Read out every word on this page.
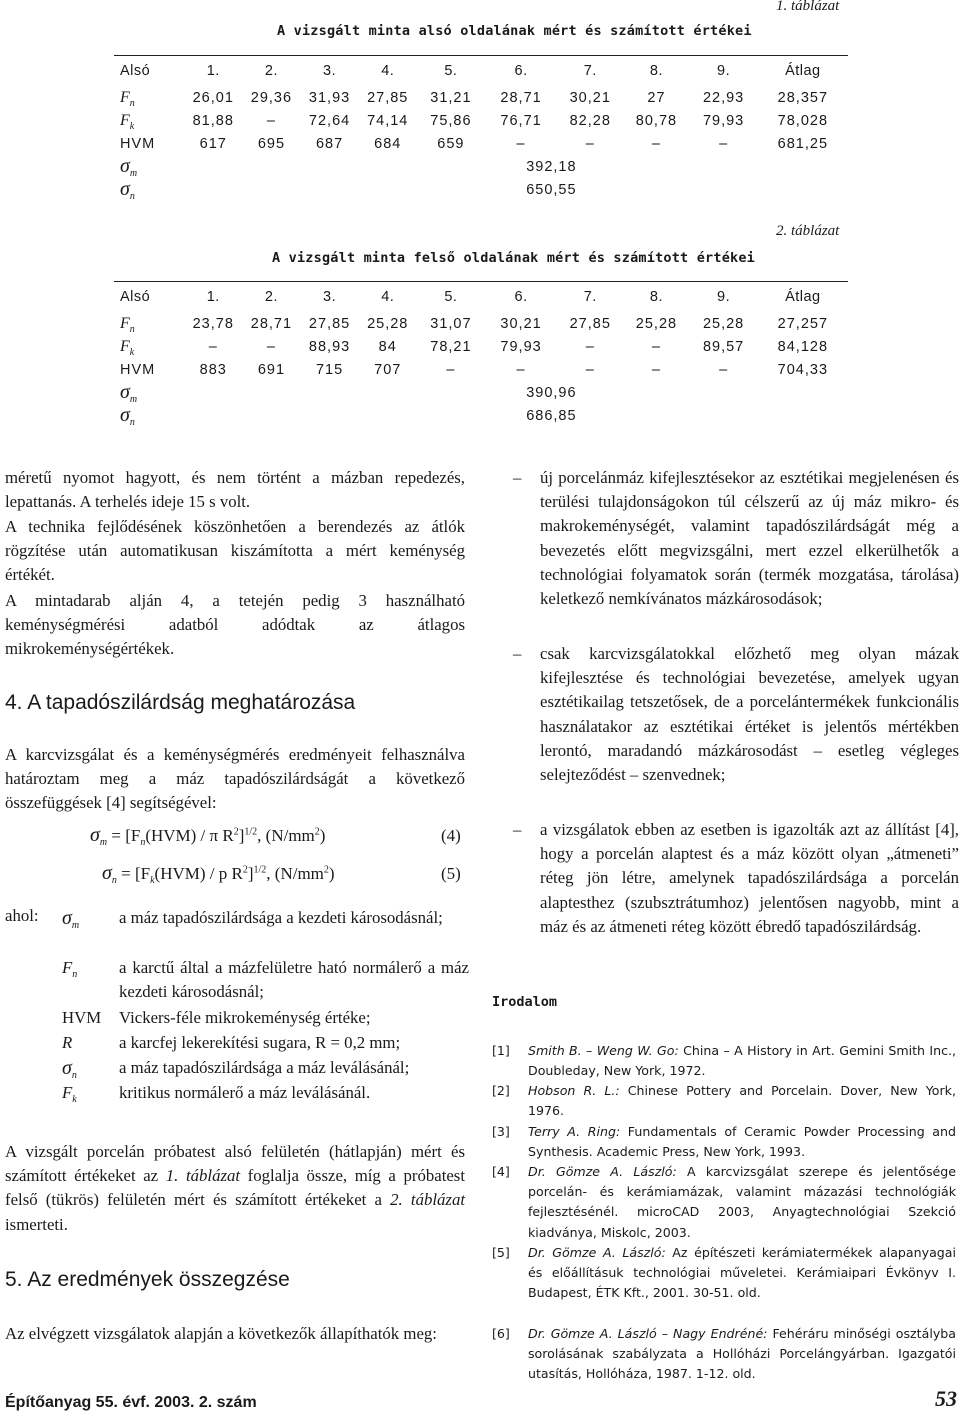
1. táblázat
A vizsgált minta alsó oldalának mért és számított értékei
Alsó	1.	2.	3.	4.	5.	6.	7.	8.	9.	Átlag
$F_n$	26,01	29,36	31,93	27,85	31,21	28,71	30,21	27	22,93	28,357
$F_k$	81,88	–	72,64	74,14	75,86	76,71	82,28	80,78	79,93	78,028
HVM	617	695	687	684	659	–	–	–	–	681,25
$\sigma_m$	392,18									
$\sigma_n$	650,55									
2. táblázat
A vizsgált minta felső oldalának mért és számított értékei
Alsó	1.	2.	3.	4.	5.	6.	7.	8.	9.	Átlag
$F_n$	23,78	28,71	27,85	25,28	31,07	30,21	27,85	25,28	25,28	27,257
$F_k$	–	–	88,93	84	78,21	79,93	–	–	89,57	84,128
HVM	883	691	715	707	–	–	–	–	–	704,33
$\sigma_m$	390,96									
$\sigma_n$	686,85									
méretű nyomot hagyott, és nem történt a mázban repedezés, lepattanás. A terhelés ideje 15 s volt.
A technika fejlődésének köszönhetően a berendezés az átlók rögzítése után automatikusan kiszámította a mért keménység értékét.
A mintadarab alján 4, a tetején pedig 3 használható keménységmérési adatból adódtak az átlagos mikrokeménységértékek.
4. A tapadószilárdság meghatározása
A karcvizsgálat és a keménységmérés eredményeit felhasználva határoztam meg a máz tapadószilárdságát a következő összefüggések [4] segítségével:
$\sigma_m = [F_n(HVM) / \pi$ $R^2]^{1/2}$, $(N/mm^2)$	(4)
$\sigma_n = [F_k(HVM) / p$ $R^2]^{1/2}$, $(N/mm^2)$	(5)
ahol: $\sigma_m$ a máz tapadószilárdsága a kezdeti károsodásnál;
$F_n$ a karctű által a mázfelületre ható normálerő a máz kezdeti károsodásnál;
HVM Vickers-féle mikrokeménység értéke;
R	a karcfej lekerekítési sugara, R = 0,2 mm;
$\sigma_n$	a máz tapadószilárdsága a máz leválásánál;
$F_k$	kritikus normálerő a máz leválásánál.
A vizsgált porcelán próbatest alsó felületén (hátlapján) mért és számított értékeket az 1. táblázat foglalja össze, míg a próbatest felső (tükrös) felületén mért és számított értékeket a 2. táblázat ismerteti.
5. Az eredmények összegzése
Az elvégzett vizsgálatok alapján a következők állapíthatók meg:
–	új porcelánmáz kifejlesztésekor az esztétikai megjelenésen és terülési tulajdonságokon túl célszerű az új máz mikro- és makrokeménységét, valamint tapadószilárdságát még a bevezetés előtt megvizsgálni, mert ezzel elkerülhetők a technológiai folyamatok során (termék mozgatása, tárolása) keletkező nemkívánatos mázkárosodások;
–	csak karcvizsgálatokkal előzhető meg olyan mázak kifejlesztése és technológiai bevezetése, amelyek ugyan esztétikailag tetszetősek, de a porcelántermékek funkcionális használatakor az esztétikai értéket is jelentős mértékben lerontó, maradandó mázkárosodást – esetleg végleges selejteződést – szenvednek;
–	a vizsgálatok ebben az esetben is igazolták azt az állítást [4], hogy a porcelán alaptest és a máz között olyan „átmeneti” réteg jön létre, amelynek tapadószilárdsága a porcelán alaptesthez (szubsztrátumhoz) jelentősen nagyobb, mint a máz és az átmeneti réteg között ébredő tapadószilárdság.
Irodalom
[1] Smith B. – Weng W. Go: China – A History in Art. Gemini Smith Inc., Doubleday, New York, 1972.
[2] Hobson R. L.: Chinese Pottery and Porcelain. Dover, New York, 1976.
[3] Terry A. Ring: Fundamentals of Ceramic Powder Processing and Synthesis. Academic Press, New York, 1993.
[4] Dr. Gömze A. László: A karcvizsgálat szerepe és jelentősége porcelán- és kerámiamázak, valamint mázazási technológiák fejlesztésénél. microCAD 2003, Anyagtechnológiai Szekció kiadványa, Miskolc, 2003.
[5] Dr. Gömze A. László: Az építészeti kerámiatermékek alapanyagai és előállításuk technológiai műveletei. Kerámiaipari Évkönyv I. Budapest, ÉTK Kft., 2001. 30-51. old.
[6] Dr. Gömze A. László – Nagy Endréné: Fehéráru minőségi osztályba sorolásának szabályzata a Hollóházi Porcelángyárban. Igazgatói utasítás, Hollóháza, 1987. 1-12. old.
Építőanyag 55. évf. 2003. 2. szám	53
